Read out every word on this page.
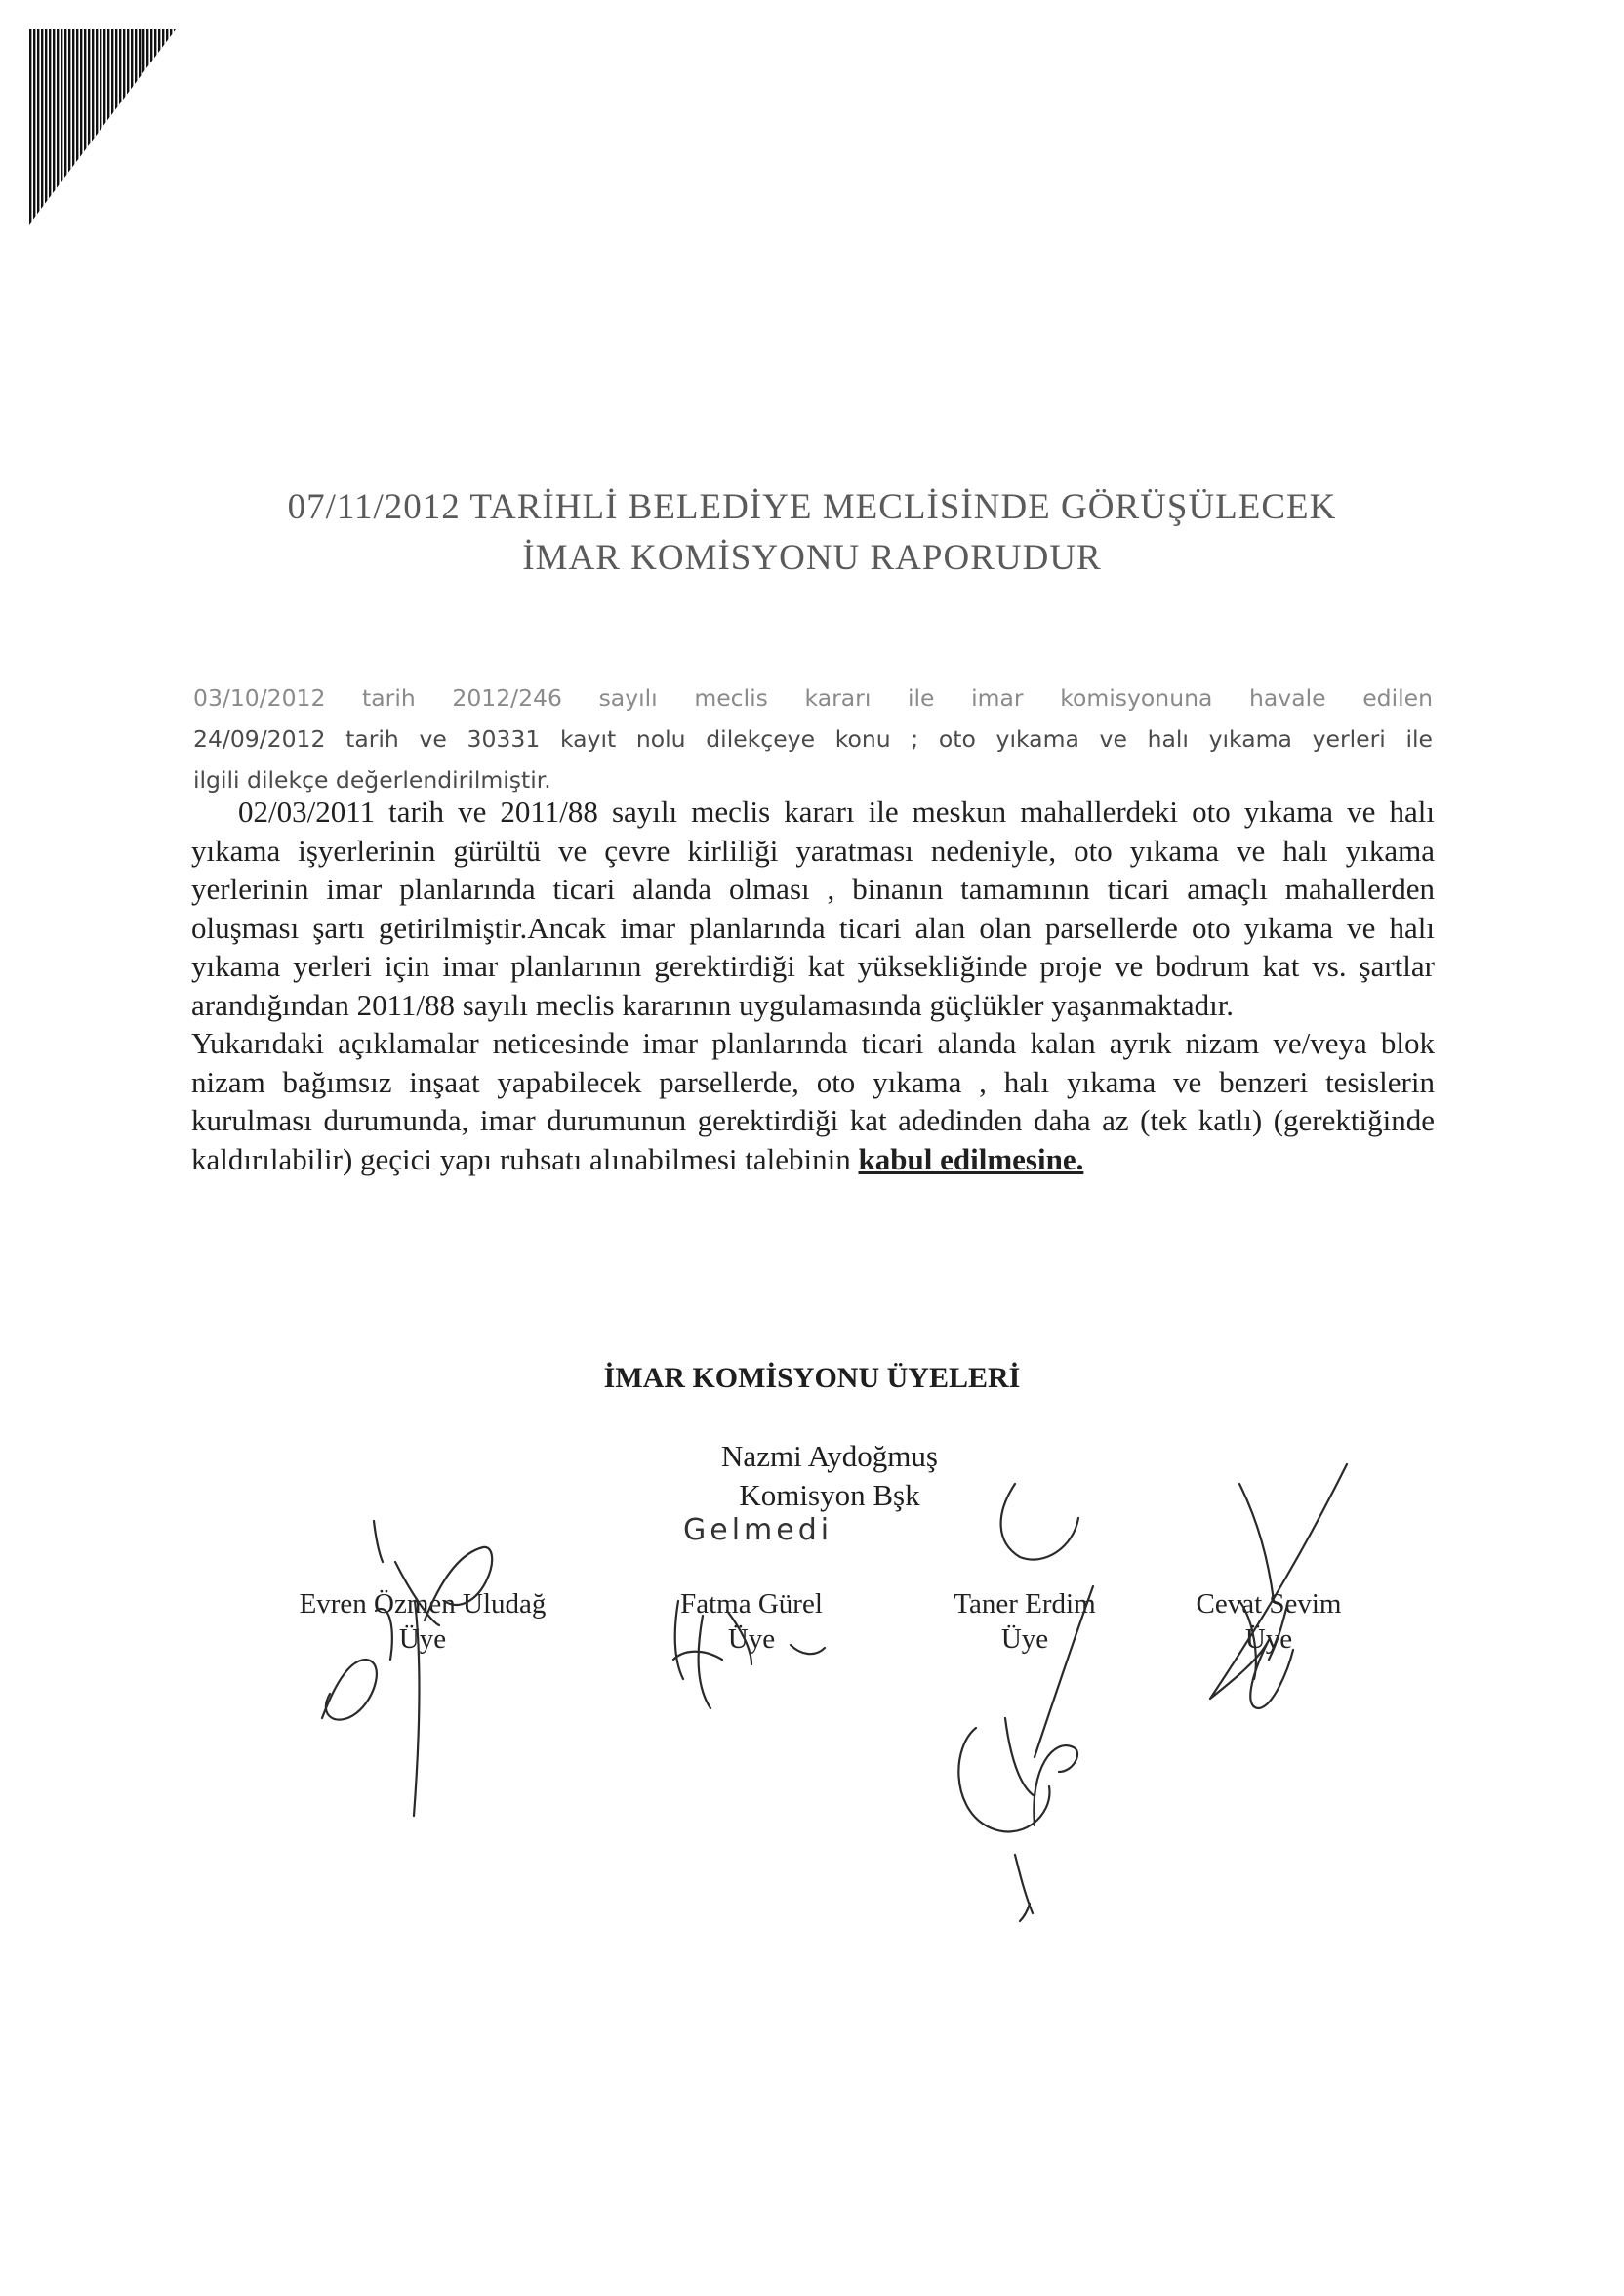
07/11/2012 TARİHLİ BELEDİYE MECLİSİNDE GÖRÜŞÜLECEK
İMAR KOMİSYONU RAPORUDUR
03/10/2012 tarih 2012/246 sayılı meclis kararı ile imar komisyonuna havale edilen
24/09/2012 tarih ve 30331 kayıt nolu dilekçeye konu ; oto yıkama ve halı yıkama yerleri ile
ilgili dilekçe değerlendirilmiştir.

02/03/2011 tarih ve 2011/88 sayılı meclis kararı ile meskun mahallerdeki oto yıkama ve halı yıkama işyerlerinin gürültü ve çevre kirliliği yaratması nedeniyle, oto yıkama ve halı yıkama yerlerinin imar planlarında ticari alanda olması , binanın tamamının ticari amaçlı mahallerden oluşması şartı getirilmiştir.Ancak imar planlarında ticari alan olan parsellerde oto yıkama ve halı yıkama yerleri için imar planlarının gerektirdiği kat yüksekliğinde proje ve bodrum kat vs. şartlar arandığından 2011/88 sayılı meclis kararının uygulamasında güçlükler yaşanmaktadır.

Yukarıdaki açıklamalar neticesinde imar planlarında ticari alanda kalan ayrık nizam ve/veya blok nizam bağımsız inşaat yapabilecek parsellerde, oto yıkama , halı yıkama ve benzeri tesislerin kurulması durumunda, imar durumunun gerektirdiği kat adedinden daha az (tek katlı) (gerektiğinde kaldırılabilir) geçici yapı ruhsatı alınabilmesi talebinin kabul edilmesine.

İMAR KOMİSYONU ÜYELERİ
Nazmi Aydoğmuş
Komisyon Bşk
Gelmedi
Evren Özmen Uludağ
Üye
Fatma Gürel
Üye
Taner Erdim
Üye
Cevat Sevim
Üye
